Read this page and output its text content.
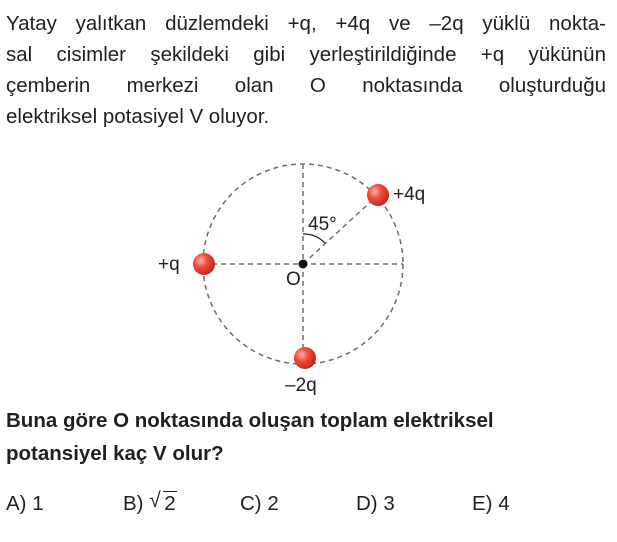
Yatay yalıtkan düzlemdeki +q, +4q ve –2q yüklü nokta-
sal cisimler şekildeki gibi yerleştirildiğinde +q yükünün
çemberin merkezi olan O noktasında oluşturduğu
elektriksel potasiyel V oluyor.
+q
+4q
–2q
O
45°
Buna göre O noktasında oluşan toplam elektriksel
potansiyel kaç V olur?
A) 1	B) √ 2	C) 2	D) 3	E) 4
